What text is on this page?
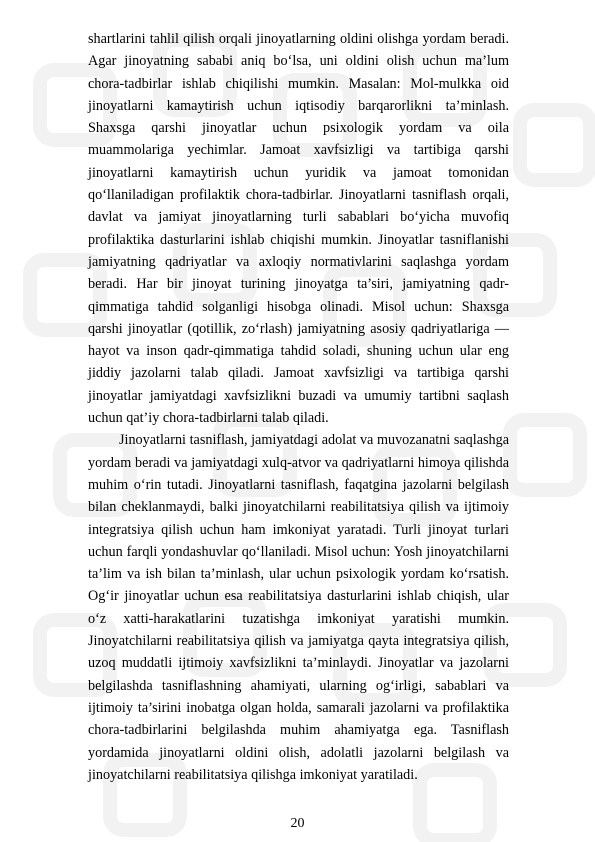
shartlarini tahlil qilish orqali jinoyatlarning oldini olishga yordam beradi. Agar jinoyatning sababi aniq bo‘lsa, uni oldini olish uchun ma’lum chora-tadbirlar ishlab chiqilishi mumkin. Masalan: Mol-mulkka oid jinoyatlarni kamaytirish uchun iqtisodiy barqarorlikni ta’minlash. Shaxsga qarshi jinoyatlar uchun psixologik yordam va oila muammolariga yechimlar. Jamoat xavfsizligi va tartibiga qarshi jinoyatlarni kamaytirish uchun yuridik va jamoat tomonidan qo‘llaniladigan profilaktik chora-tadbirlar. Jinoyatlarni tasniflash orqali, davlat va jamiyat jinoyatlarning turli sabablari bo‘yicha muvofiq profilaktika dasturlarini ishlab chiqishi mumkin. Jinoyatlar tasniflanishi jamiyatning qadriyatlar va axloqiy normativlarini saqlashga yordam beradi. Har bir jinoyat turining jinoyatga ta’siri, jamiyatning qadr-qimmatiga tahdid solganligi hisobga olinadi. Misol uchun: Shaxsga qarshi jinoyatlar (qotillik, zo‘rlash) jamiyatning asosiy qadriyatlariga — hayot va inson qadr-qimmatiga tahdid soladi, shuning uchun ular eng jiddiy jazolarni talab qiladi. Jamoat xavfsizligi va tartibiga qarshi jinoyatlar jamiyatdagi xavfsizlikni buzadi va umumiy tartibni saqlash uchun qat’iy chora-tadbirlarni talab qiladi.

Jinoyatlarni tasniflash, jamiyatdagi adolat va muvozanatni saqlashga yordam beradi va jamiyatdagi xulq-atvor va qadriyatlarni himoya qilishda muhim o‘rin tutadi. Jinoyatlarni tasniflash, faqatgina jazolarni belgilash bilan cheklanmaydi, balki jinoyatchilarni reabilitatsiya qilish va ijtimoiy integratsiya qilish uchun ham imkoniyat yaratadi. Turli jinoyat turlari uchun farqli yondashuvlar qo‘llaniladi. Misol uchun: Yosh jinoyatchilarni ta’lim va ish bilan ta’minlash, ular uchun psixologik yordam ko‘rsatish. Og‘ir jinoyatlar uchun esa reabilitatsiya dasturlarini ishlab chiqish, ular o‘z xatti-harakatlarini tuzatishga imkoniyat yaratishi mumkin. Jinoyatchilarni reabilitatsiya qilish va jamiyatga qayta integratsiya qilish, uzoq muddatli ijtimoiy xavfsizlikni ta’minlaydi. Jinoyatlar va jazolarni belgilashda tasniflashning ahamiyati, ularning og‘irligi, sabablari va ijtimoiy ta’sirini inobatga olgan holda, samarali jazolarni va profilaktika chora-tadbirlarini belgilashda muhim ahamiyatga ega. Tasniflash yordamida jinoyatlarni oldini olish, adolatli jazolarni belgilash va jinoyatchilarni reabilitatsiya qilishga imkoniyat yaratiladi.

20
